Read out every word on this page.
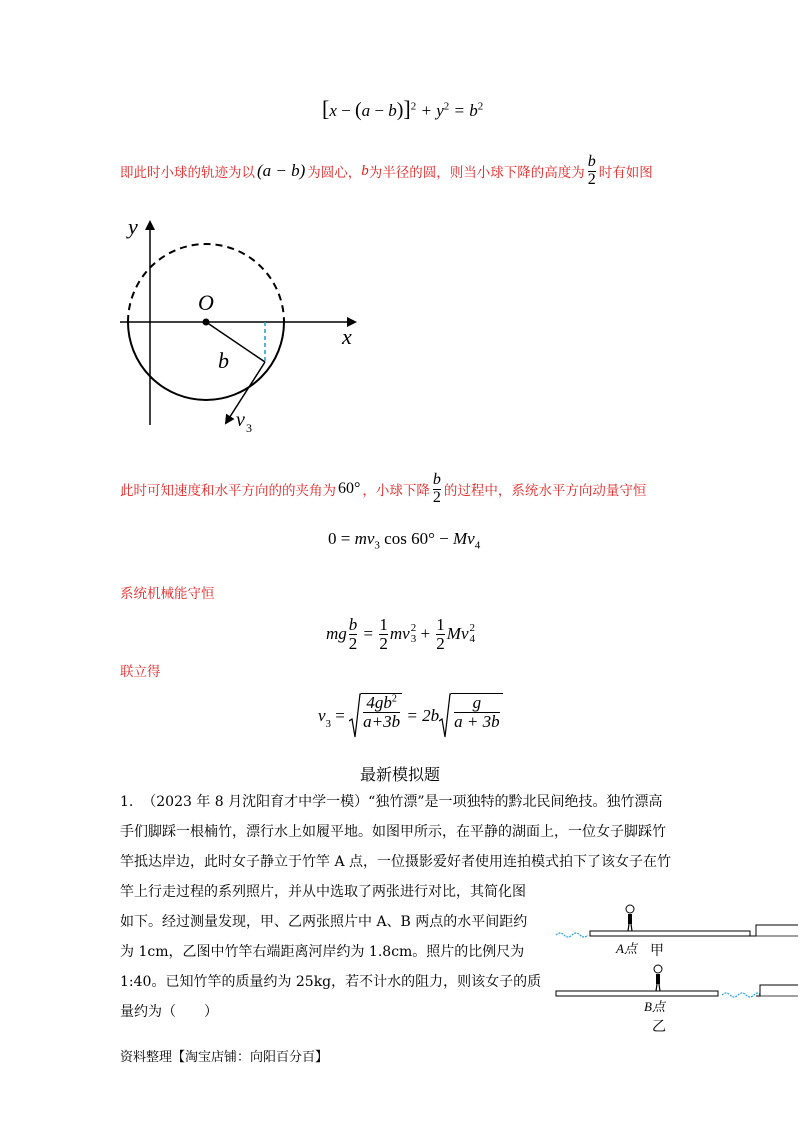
$[x - (a - b)]^2 + y^2 = b^2$
即此时小球的轨迹为以 (a − b) 为圆心， b 为半径的圆，则当小球下降的高度为 $\frac{b}{2}$ 时有如图
y
x
O
b
v 3
此时可知速度和水平方向的的夹角为 60° ，小球下降 $\frac{b}{2}$ 的过程中，系统水平方向动量守恒
$0 = mv_3$ $\cos 60^\circ - Mv_4$
系统机械能守恒
mg $\frac{b}{2} = \frac{1}{2}$ mv 2
$3 + \frac{1}{2}$ Mv 2
4
联立得
$v_3 = \frac{4gb^2}{a+3b} = 2b \frac{g}{a + 3b}$
最新模拟题
1. （2023 年 8 月沈阳育才中学一模）“独竹漂”是一项独特的黔北民间绝技。独竹漂高
手们脚踩一根楠竹，漂行水上如履平地。如图甲所示，在平静的湖面上，一位女子脚踩竹
竿抵达岸边，此时女子静立于竹竿 A 点，一位摄影爱好者使用连拍模式拍下了该女子在竹
竿上行走过程的系列照片，并从中选取了两张进行对比，其简化图
如下。经过测量发现，甲、乙两张照片中 A、B 两点的水平间距约
为 1cm，乙图中竹竿右端距离河岸约为 1.8cm。照片的比例尺为
1:40。已知竹竿的质量约为 25kg，若不计水的阻力，则该女子的质
量约为（　　）
A点 甲
B点
乙
资料整理【淘宝店铺：向阳百分百】
